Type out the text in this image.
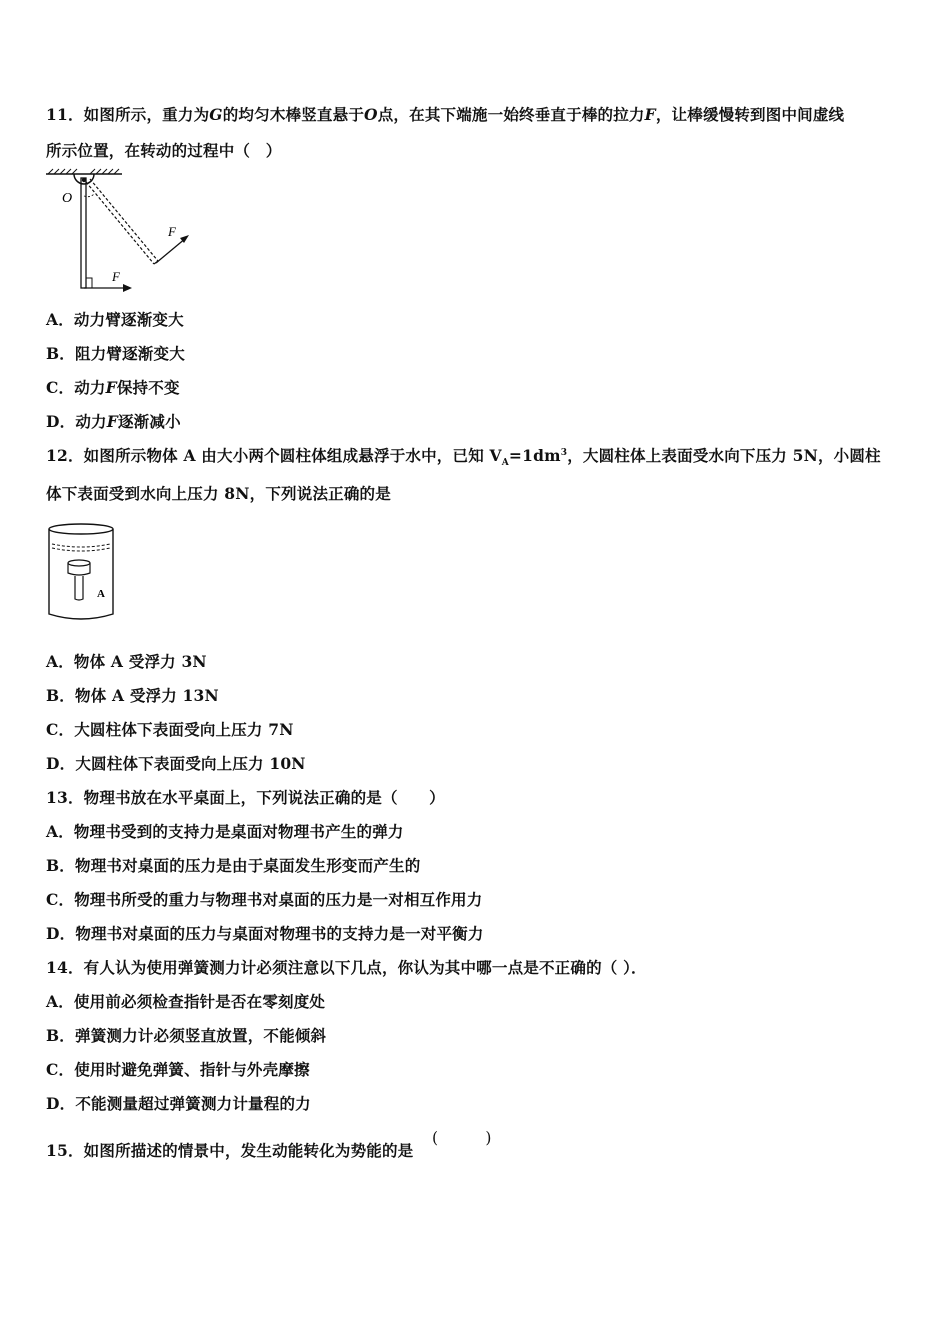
11．如图所示，重力为G的均匀木棒竖直悬于O点，在其下端施一始终垂直于棒的拉力F，让棒缓慢转到图中间虚线
所示位置，在转动的过程中（　）
O
F
F
A．动力臂逐渐变大
B．阻力臂逐渐变大
C．动力F保持不变
D．动力F逐渐减小
12．如图所示物体 A 由大小两个圆柱体组成悬浮于水中，已知 $V_A=1dm^3$，大圆柱体上表面受水向下压力 5N，小圆柱
体下表面受到水向上压力 8N，下列说法正确的是
A
A．物体 A 受浮力 3N
B．物体 A 受浮力 13N
C．大圆柱体下表面受向上压力 7N
D．大圆柱体下表面受向上压力 10N
13．物理书放在水平桌面上，下列说法正确的是（　　）
A．物理书受到的支持力是桌面对物理书产生的弹力
B．物理书对桌面的压力是由于桌面发生形变而产生的
C．物理书所受的重力与物理书对桌面的压力是一对相互作用力
D．物理书对桌面的压力与桌面对物理书的支持力是一对平衡力
14．有人认为使用弹簧测力计必须注意以下几点，你认为其中哪一点是不正确的（ ）．
A．使用前必须检查指针是否在零刻度处
B．弹簧测力计必须竖直放置，不能倾斜
C．使用时避免弹簧、指针与外壳摩擦
D．不能测量超过弹簧测力计量程的力
15．如图所描述的情景中，发生动能转化为势能的是
(　　　)
